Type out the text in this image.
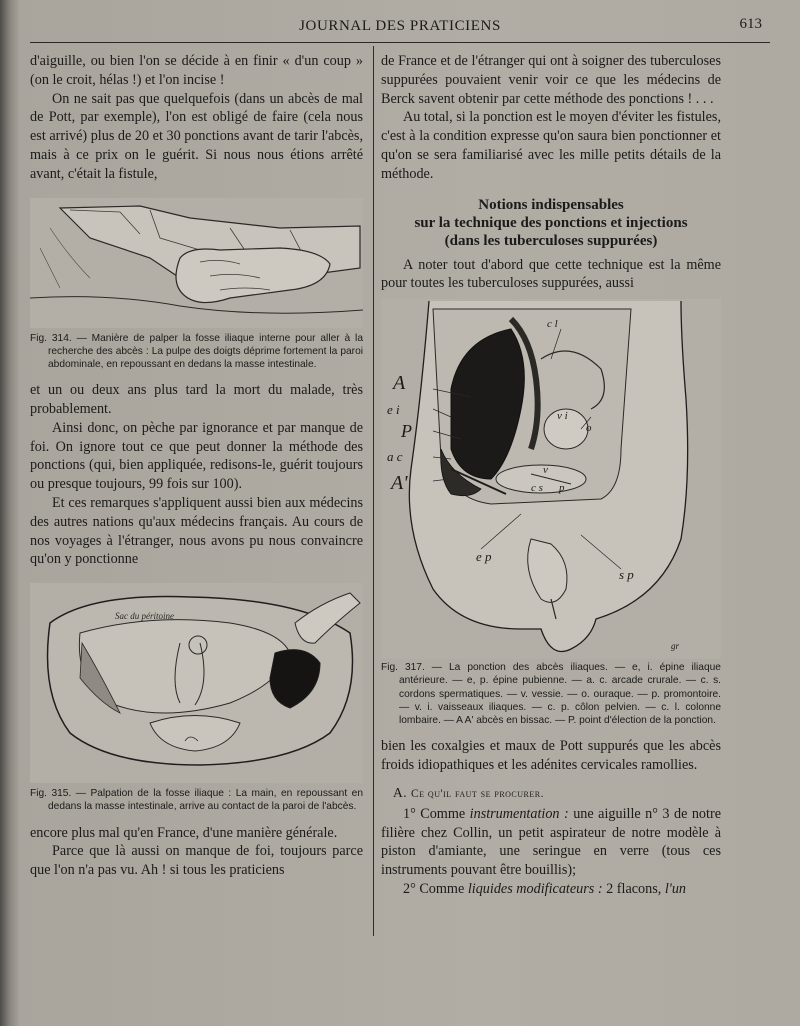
JOURNAL DES PRATICIENS	613

d'aiguille, ou bien l'on se décide à en finir « d'un coup » (on le croit, hélas !) et l'on incise !

On ne sait pas que quelquefois (dans un abcès de mal de Pott, par exemple), l'on est obligé de faire (cela nous est arrivé) plus de 20 et 30 ponctions avant de tarir l'abcès, mais à ce prix on le guérit. Si nous nous étions arrêté avant, c'était la fistule,

Fig. 314. — Manière de palper la fosse iliaque interne pour aller à la recherche des abcès : La pulpe des doigts déprime fortement la paroi abdominale, en repoussant en dedans la masse intestinale.

et un ou deux ans plus tard la mort du malade, très probablement.

Ainsi donc, on pèche par ignorance et par manque de foi. On ignore tout ce que peut donner la méthode des ponctions (qui, bien appliquée, redisons-le, guérit toujours ou presque toujours, 99 fois sur 100).

Et ces remarques s'appliquent aussi bien aux médecins des autres nations qu'aux médecins français. Au cours de nos voyages à l'étranger, nous avons pu nous convaincre qu'on y ponctionne

Sac du péritoine

Fig. 315. — Palpation de la fosse iliaque : La main, en repoussant en dedans la masse intestinale, arrive au contact de la paroi de l'abcès.

encore plus mal qu'en France, d'une manière générale.

Parce que là aussi on manque de foi, toujours parce que l'on n'a pas vu. Ah ! si tous les praticiens

de France et de l'étranger qui ont à soigner des tuberculoses suppurées pouvaient venir voir ce que les médecins de Berck savent obtenir par cette méthode des ponctions ! . . .

Au total, si la ponction est le moyen d'éviter les fistules, c'est à la condition expresse qu'on saura bien ponctionner et qu'on se sera familiarisé avec les mille petits détails de la méthode.

Notions indispensables

sur la technique des ponctions et injections

(dans les tuberculoses suppurées)

A noter tout d'abord que cette technique est la même pour toutes les tuberculoses suppurées, aussi

A
e i
P
a c
A'
e p
s p
c l
c p
o
v
c s p
v i
gr

Fig. 317. — La ponction des abcès iliaques. — e, i. épine iliaque antérieure. — e, p. épine pubienne. — a. c. arcade crurale. — c. s. cordons spermatiques. — v. vessie. — o. ouraque. — p. promontoire. — v. i. vaisseaux iliaques. — c. p. côlon pelvien. — c. l. colonne lombaire. — A A' abcès en bissac. — P. point d'élection de la ponction.

bien les coxalgies et maux de Pott suppurés que les abcès froids idiopathiques et les adénites cervicales ramollies.

A. Ce qu'il faut se procurer.

1° Comme instrumentation : une aiguille n° 3 de notre filière chez Collin, un petit aspirateur de notre modèle à piston d'amiante, une seringue en verre (tous ces instruments pouvant être bouillis);

2° Comme liquides modificateurs : 2 flacons, l'un
